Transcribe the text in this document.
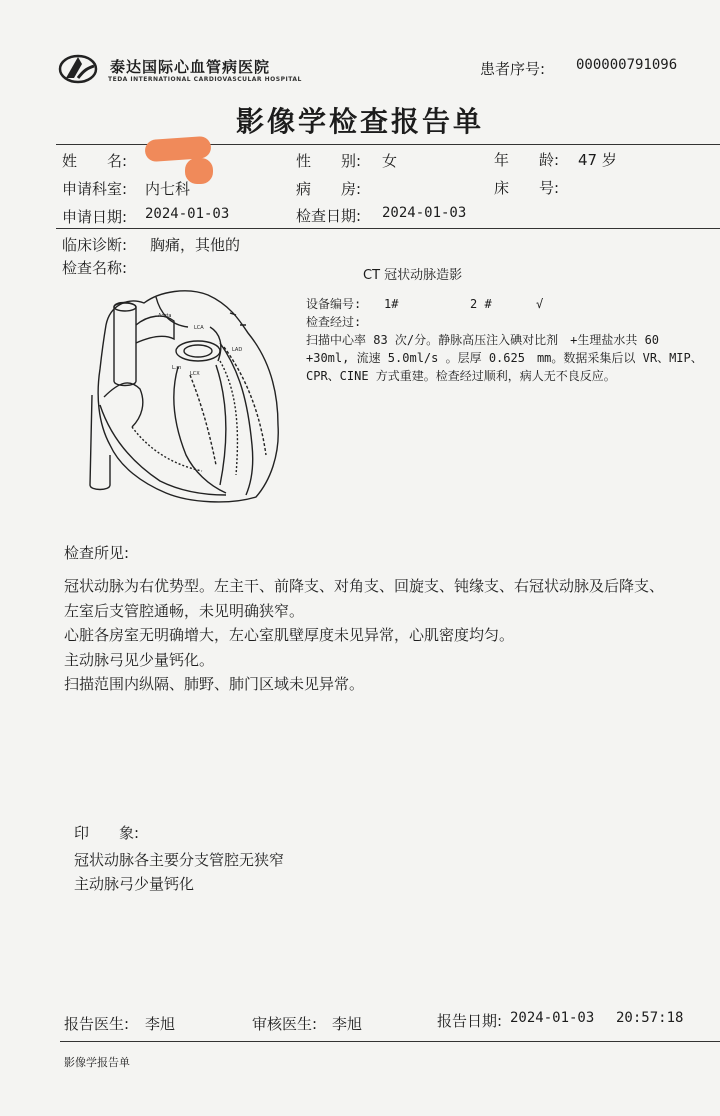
泰达国际心血管病医院
TEDA INTERNATIONAL CARDIOVASCULAR HOSPITAL
患者序号: 000000791096
影像学检查报告单
姓　　名:	性　　别: 女	年　　龄: 47 岁
申请科室: 内七科	病　　房:	床　　号:
申请日期: 2024-01-03	检查日期: 2024-01-03
临床诊断: 胸痛，其他的
检查名称:	CT 冠状动脉造影
Aorta
LCA
LAD
LCX
L.m
设备编号: 1#	2 #	√
检查经过:
扫描中心率 83 次/分。静脉高压注入碘对比剂　+生理盐水共 60
+30ml, 流速 5.0ml/s 。层厚 0.625　mm。数据采集后以 VR、MIP、
CPR、CINE 方式重建。检查经过顺利，病人无不良反应。
检查所见:
冠状动脉为右优势型。左主干、前降支、对角支、回旋支、钝缘支、右冠状动脉及后降支、
左室后支管腔通畅，未见明确狭窄。
心脏各房室无明确增大，左心室肌壁厚度未见异常，心肌密度均匀。
主动脉弓见少量钙化。
扫描范围内纵隔、肺野、肺门区域未见异常。
印　　象:
冠状动脉各主要分支管腔无狭窄
主动脉弓少量钙化
报告医生: 李旭	审核医生: 李旭	报告日期: 2024-01-03 20:57:18
影像学报告单
